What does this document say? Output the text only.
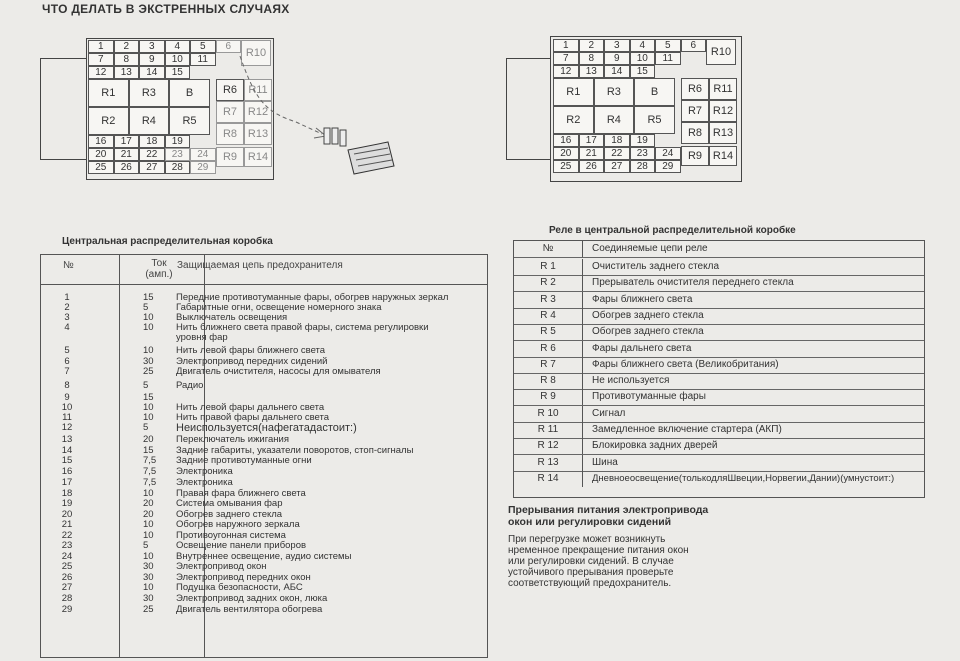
ЧТО ДЕЛАТЬ В ЭКСТРЕННЫХ СЛУЧАЯХ
1	2	3	4	5	6
R10
7	8	9	10	11
12	13	14	15
R1	R3	B	R6	R11
R2	R4	R5
R7 R12
R8 R13
16	17	18	19
20	21	22	23	24	R9 R14
25	26	27	28	29
1	2	3	4	5	6
R10
7	8	9	10	11
12	13	14	15
R1	R3	B	R6	R11
R2	R4	R5
R7 R12
R8 R13
16	17	18	19
20	21	22	23	24	R9 R14
25	26	27	28	29
Центральная распределительная коробка
№	Ток
(амп.)
Защищаемая цепь предохранителя
1	15	Передние противотуманные фары, обогрев наружных зеркал
2	5	Габаритные огни, освещение номерного знака
3	10	Выключатель освещения
4	10	Нить ближнего света правой фары, система регулировки
уровня фар
5	10	Нить левой фары ближнего света
6	30	Электропривод передних сидений
7	25	Двигатель очистителя, насосы для омывателя
8	5	Радио
9	15
10	10	Нить левой фары дальнего света
11	10	Нить правой фары дальнего света
12	5	Неиспользуется(нафегатадастоит:)
13	20	Переключатель ижигания
14	15	Задние габариты, указатели поворотов, стоп-сигналы
15	7,5	Задние противотуманные огни
16	7,5	Электроника
17	7,5	Электроника
18	10	Правая фара ближнего света
19	20	Система омывания фар
20	20	Обогрев заднего стекла
21	10	Обогрев наружного зеркала
22	10	Противоугонная система
23	5	Освещение панели приборов
24	10	Внутреннее освещение, аудио системы
25	30	Электропривод окон
26	30	Электропривод передних окон
27	10	Подушка безопасности, АБС
28	30	Электропривод задних окон, люка
29	25	Двигатель вентилятора обогрева
Реле в центральной распределительной коробке
№	Соединяемые цепи реле
R 1	Очиститель заднего стекла
R 2	Прерыватель очистителя переднего стекла
R 3	Фары ближнего света
R 4	Обогрев заднего стекла
R 5	Обогрев заднего стекла
R 6	Фары дальнего света
R 7	Фары ближнего света (Великобритания)
R 8	Не используется
R 9	Противотуманные фары
R 10	Сигнал
R 11	Замедленное включение стартера (АКП)
R 12	Блокировка задних дверей
R 13	Шина
R 14	Дневноеосвещение(толькодляШвеции,Норвегии,Дании)(умнустоит:)
Прерывания питания электропривода
окон или регулировки сидений
При перегрузке может возникнуть
нременное прекращение питания окон
или регулировки сидений. В случае
устойчивого прерывания проверьте
соответствующий предохранитель.
